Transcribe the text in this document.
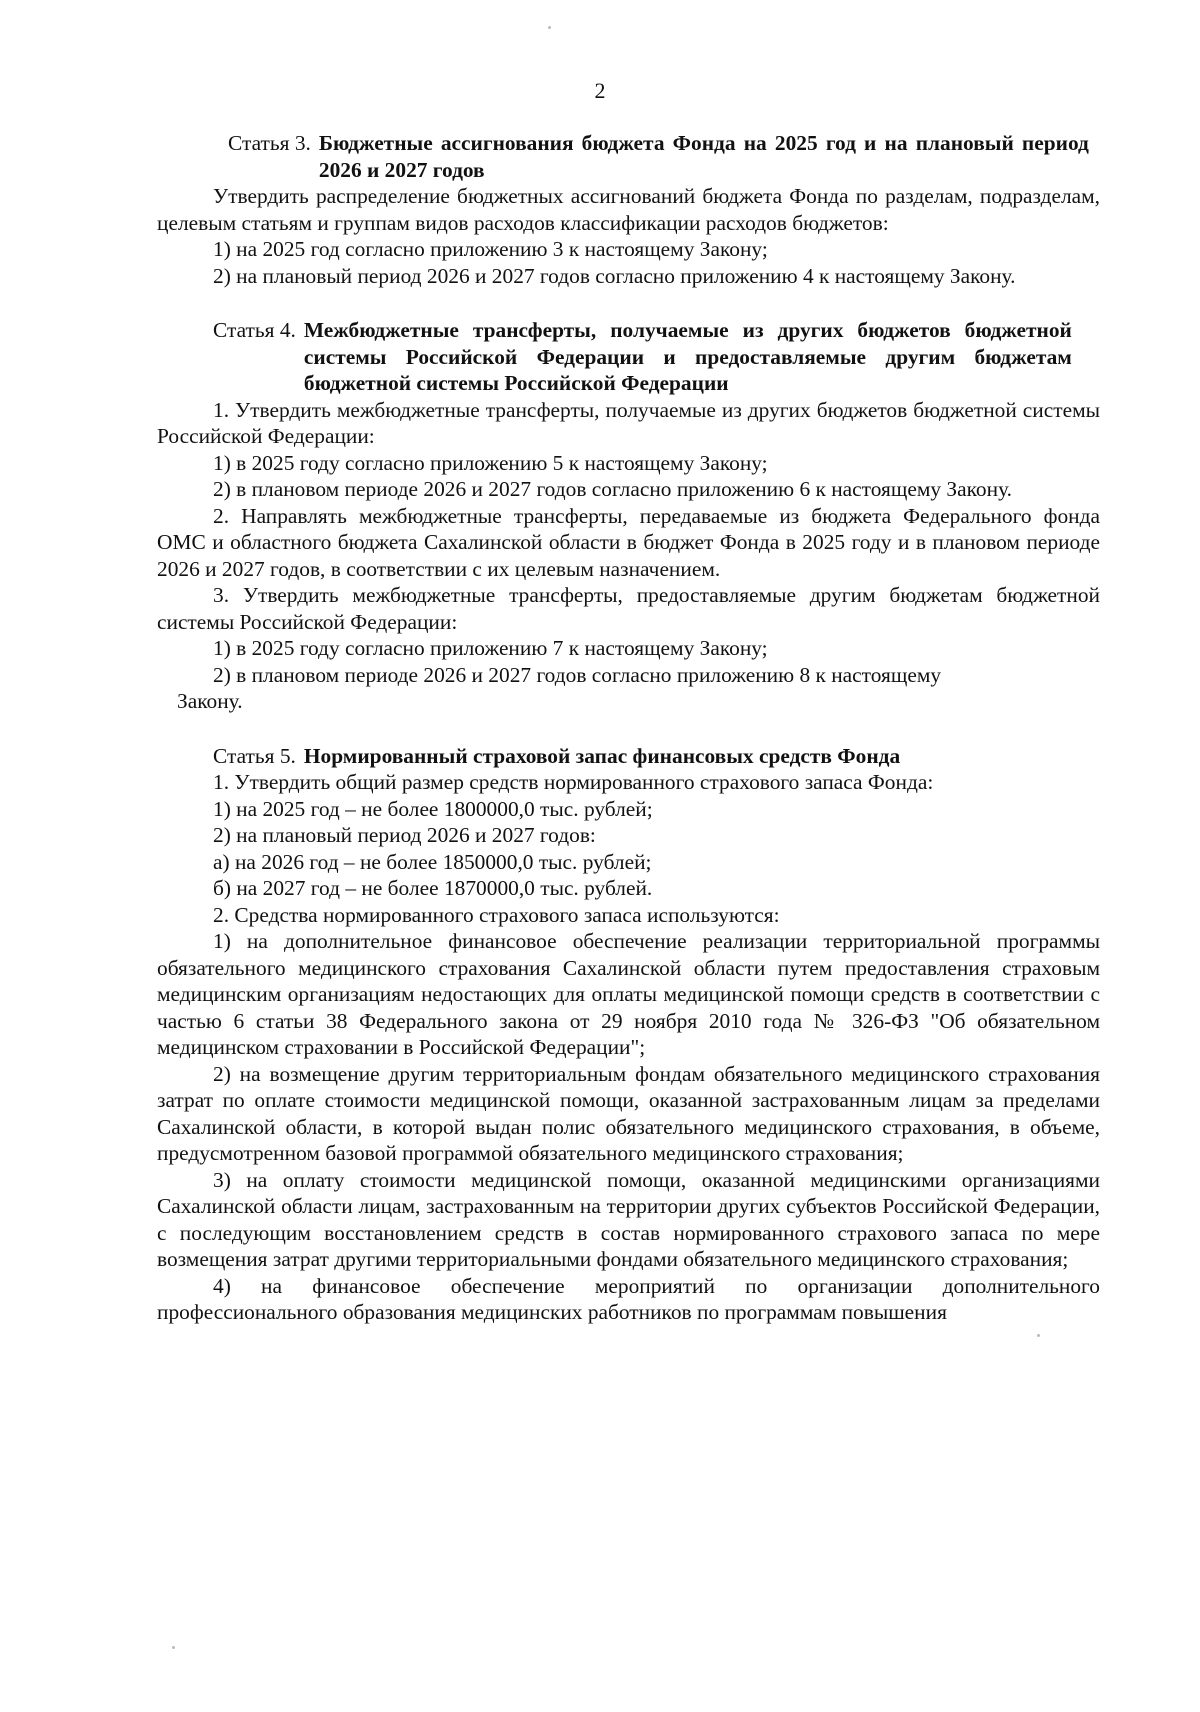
2
Статья 3. Бюджетные ассигнования бюджета Фонда на 2025 год и на плановый период 2026 и 2027 годов

Утвердить распределение бюджетных ассигнований бюджета Фонда по разделам, подразделам, целевым статьям и группам видов расходов классификации расходов бюджетов:

1) на 2025 год согласно приложению 3 к настоящему Закону;

2) на плановый период 2026 и 2027 годов согласно приложению 4 к настоящему Закону.

Статья 4. Межбюджетные трансферты, получаемые из других бюджетов бюджетной системы Российской Федерации и предоставляемые другим бюджетам бюджетной системы Российской Федерации

1. Утвердить межбюджетные трансферты, получаемые из других бюджетов бюджетной системы Российской Федерации:

1) в 2025 году согласно приложению 5 к настоящему Закону;

2) в плановом периоде 2026 и 2027 годов согласно приложению 6 к настоящему Закону.

2. Направлять межбюджетные трансферты, передаваемые из бюджета Федерального фонда ОМС и областного бюджета Сахалинской области в бюджет Фонда в 2025 году и в плановом периоде 2026 и 2027 годов, в соответствии с их целевым назначением.

3. Утвердить межбюджетные трансферты, предоставляемые другим бюджетам бюджетной системы Российской Федерации:

1) в 2025 году согласно приложению 7 к настоящему Закону;

2) в плановом периоде 2026 и 2027 годов согласно приложению 8 к настоящему

Закону.

Статья 5. Нормированный страховой запас финансовых средств Фонда

1. Утвердить общий размер средств нормированного страхового запаса Фонда:

1) на 2025 год – не более 1800000,0 тыс. рублей;

2) на плановый период 2026 и 2027 годов:

а) на 2026 год – не более 1850000,0 тыс. рублей;

б) на 2027 год – не более 1870000,0 тыс. рублей.

2. Средства нормированного страхового запаса используются:

1) на дополнительное финансовое обеспечение реализации территориальной программы обязательного медицинского страхования Сахалинской области путем предоставления страховым медицинским организациям недостающих для оплаты медицинской помощи средств в соответствии с частью 6 статьи 38 Федерального закона от 29 ноября 2010 года № 326-ФЗ "Об обязательном медицинском страховании в Российской Федерации";

2) на возмещение другим территориальным фондам обязательного медицинского страхования затрат по оплате стоимости медицинской помощи, оказанной застрахованным лицам за пределами Сахалинской области, в которой выдан полис обязательного медицинского страхования, в объеме, предусмотренном базовой программой обязательного медицинского страхования;

3) на оплату стоимости медицинской помощи, оказанной медицинскими организациями Сахалинской области лицам, застрахованным на территории других субъектов Российской Федерации, с последующим восстановлением средств в состав нормированного страхового запаса по мере возмещения затрат другими территориальными фондами обязательного медицинского страхования;

4) на финансовое обеспечение мероприятий по организации дополнительного профессионального образования медицинских работников по программам повышения
